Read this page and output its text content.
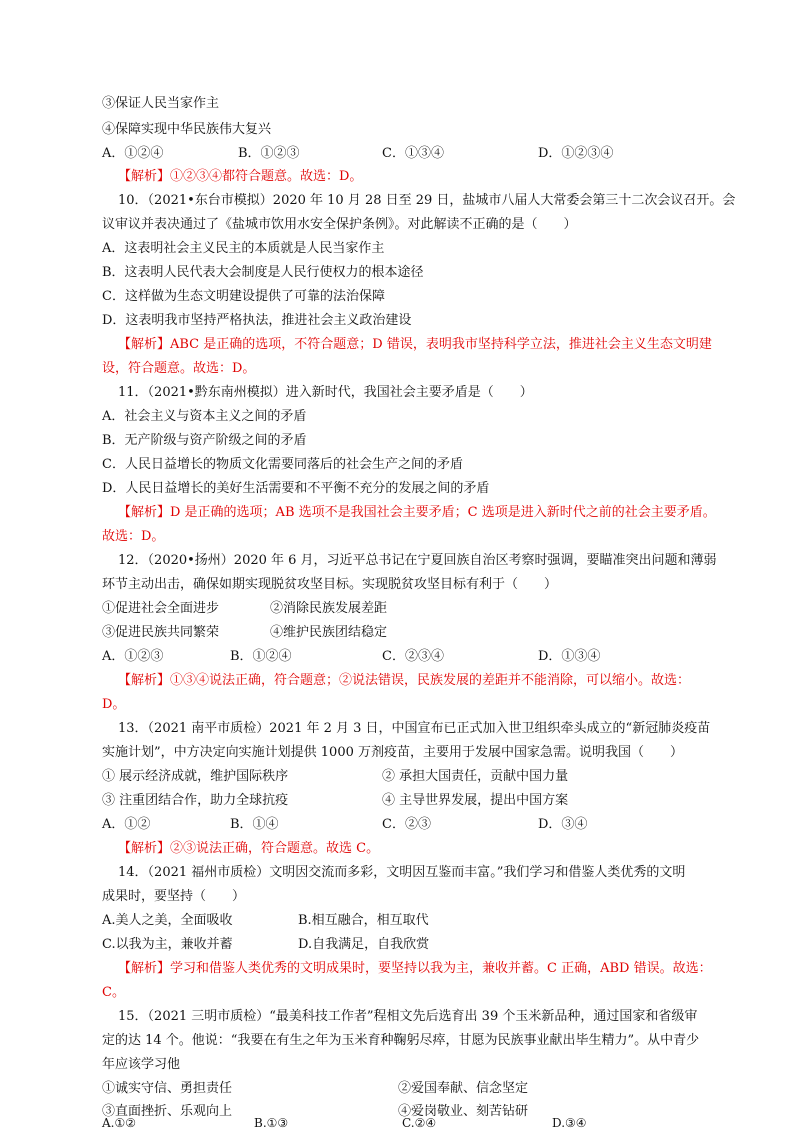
③保证人民当家作主
④保障实现中华民族伟大复兴
A．①②④	B．①②③	C．①③④	D．①②③④
【解析】①②③④都符合题意。故选：D。
10．（2021•东台市模拟）2020 年 10 月 28 日至 29 日，盐城市八届人大常委会第三十二次会议召开。会
议审议并表决通过了《盐城市饮用水安全保护条例》。对此解读不正确的是（　　）
A．这表明社会主义民主的本质就是人民当家作主
B．这表明人民代表大会制度是人民行使权力的根本途径
C．这样做为生态文明建设提供了可靠的法治保障
D．这表明我市坚持严格执法，推进社会主义政治建设
【解析】ABC 是正确的选项，不符合题意；D 错误，表明我市坚持科学立法，推进社会主义生态文明建
设，符合题意。故选：D。
11．（2021•黔东南州模拟）进入新时代，我国社会主要矛盾是（　　）
A．社会主义与资本主义之间的矛盾
B．无产阶级与资产阶级之间的矛盾
C．人民日益增长的物质文化需要同落后的社会生产之间的矛盾
D．人民日益增长的美好生活需要和不平衡不充分的发展之间的矛盾
【解析】D 是正确的选项；AB 选项不是我国社会主要矛盾；C 选项是进入新时代之前的社会主要矛盾。
故选：D。
12．（2020•扬州）2020 年 6 月，习近平总书记在宁夏回族自治区考察时强调，要瞄准突出问题和薄弱
环节主动出击，确保如期实现脱贫攻坚目标。实现脱贫攻坚目标有利于（　　）
①促进社会全面进步	②消除民族发展差距
③促进民族共同繁荣	④维护民族团结稳定
A．①②③	B．①②④	C．②③④	D．①③④
【解析】①③④说法正确，符合题意；②说法错误，民族发展的差距并不能消除，可以缩小。故选：
D。
13．（2021 南平市质检）2021 年 2 月 3 日，中国宣布已正式加入世卫组织牵头成立的“新冠肺炎疫苗
实施计划”，中方决定向实施计划提供 1000 万剂疫苗，主要用于发展中国家急需。说明我国（　　）
① 展示经济成就，维护国际秩序	② 承担大国责任，贡献中国力量
③ 注重团结合作，助力全球抗疫	④ 主导世界发展，提出中国方案
A．①②	B．①④	C．②③	D．③④
【解析】②③说法正确，符合题意。故选 C。
14．（2021 福州市质检）文明因交流而多彩，文明因互鉴而丰富。”我们学习和借鉴人类优秀的文明
成果时，要坚持（　　）
A.美人之美，全面吸收	B.相互融合，相互取代
C.以我为主，兼收并蓄	D.自我满足，自我欣赏
【解析】学习和借鉴人类优秀的文明成果时，要坚持以我为主，兼收并蓄。C 正确，ABD 错误。故选：
C。
15．（2021 三明市质检）“最美科技工作者”程相文先后选育出 39 个玉米新品种，通过国家和省级审
定的达 14 个。他说：“我要在有生之年为玉米育种鞠躬尽瘁，甘愿为民族事业献出毕生精力”。从中青少
年应该学习他
①诚实守信、勇担责任	②爱国奉献、信念坚定
③直面挫折、乐观向上	④爱岗敬业、刻苦钻研
A.①②	B.①③	C.②④	D.③④
